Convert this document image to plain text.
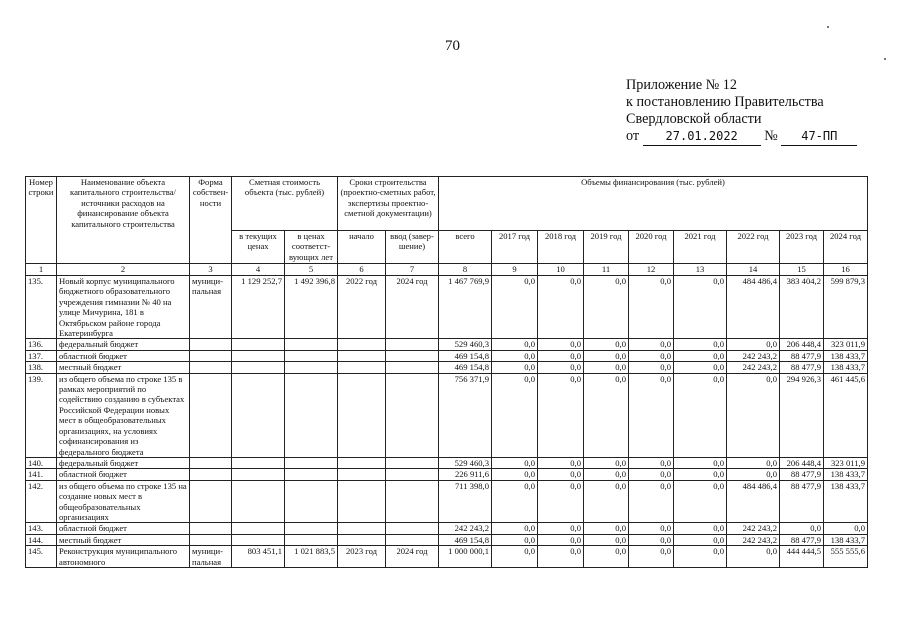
70
Приложение № 12
к постановлению Правительства
Свердловской области
от 27.01.2022 № 47-ПП
Номер строки	Наименование объекта капитального строительства/ источники расходов на финансирование объекта капитального строительства	Форма собствен-ности	Сметная стоимость объекта (тыс. рублей)		Сроки строительства (проектно-сметных работ, экспертизы проектно-сметной документации)		Объемы финансирования (тыс. рублей)								
			в текущих ценах	в ценах соответст-вующих лет	начало	ввод (завер-шение)	всего	2017 год	2018 год	2019 год	2020 год	2021 год	2022 год	2023 год	2024 год
1	2	3	4	5	6	7	8	9	10	11	12	13	14	15	16
135.	Новый корпус муниципального бюджетного образовательного учреждения гимназии № 40 на улице Мичурина, 181 в Октябрьском районе города Екатеринбурга	муници-пальная	1 129 252,7	1 492 396,8	2022 год	2024 год	1 467 769,9	0,0	0,0	0,0	0,0	0,0	484 486,4	383 404,2	599 879,3
136.	федеральный бюджет						529 460,3	0,0	0,0	0,0	0,0	0,0	0,0	206 448,4	323 011,9
137.	областной бюджет						469 154,8	0,0	0,0	0,0	0,0	0,0	242 243,2	88 477,9	138 433,7
138.	местный бюджет						469 154,8	0,0	0,0	0,0	0,0	0,0	242 243,2	88 477,9	138 433,7
139.	из общего объема по строке 135 в рамках мероприятий по содействию созданию в субъектах Российской Федерации новых мест в общеобразовательных организациях, на условиях софинансирования из федерального бюджета						756 371,9	0,0	0,0	0,0	0,0	0,0	0,0	294 926,3	461 445,6
140.	федеральный бюджет						529 460,3	0,0	0,0	0,0	0,0	0,0	0,0	206 448,4	323 011,9
141.	областной бюджет						226 911,6	0,0	0,0	0,0	0,0	0,0	0,0	88 477,9	138 433,7
142.	из общего объема по строке 135 на создание новых мест в общеобразовательных организациях						711 398,0	0,0	0,0	0,0	0,0	0,0	484 486,4	88 477,9	138 433,7
143.	областной бюджет						242 243,2	0,0	0,0	0,0	0,0	0,0	242 243,2	0,0	0,0
144.	местный бюджет						469 154,8	0,0	0,0	0,0	0,0	0,0	242 243,2	88 477,9	138 433,7
145.	Реконструкция муниципального автономного	муници-пальная	803 451,1	1 021 883,5	2023 год	2024 год	1 000 000,1	0,0	0,0	0,0	0,0	0,0	0,0	444 444,5	555 555,6
